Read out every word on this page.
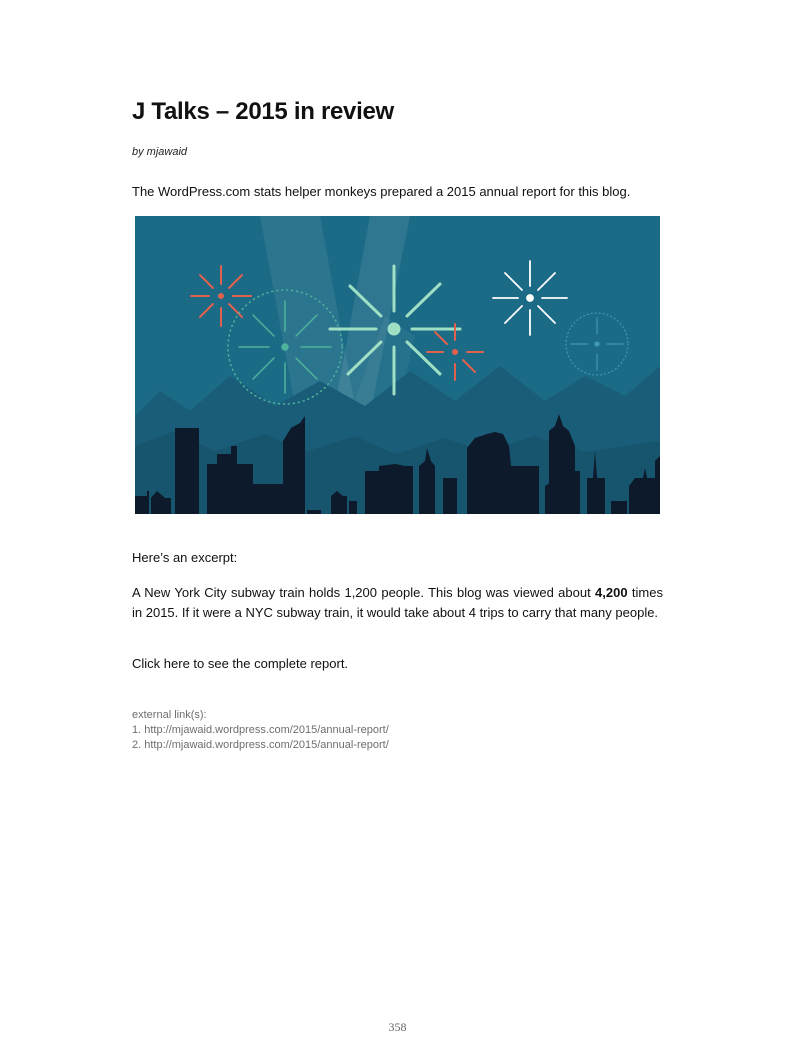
J Talks – 2015 in review
by mjawaid
The WordPress.com stats helper monkeys prepared a 2015 annual report for this blog.
Here’s an excerpt:

A New York City subway train holds 1,200 people. This blog was viewed about 4,200 times in 2015. If it were a NYC subway train, it would take about 4 trips to carry that many people.

Click here to see the complete report.
external link(s):
1. http://mjawaid.wordpress.com/2015/annual-report/
2. http://mjawaid.wordpress.com/2015/annual-report/
358
